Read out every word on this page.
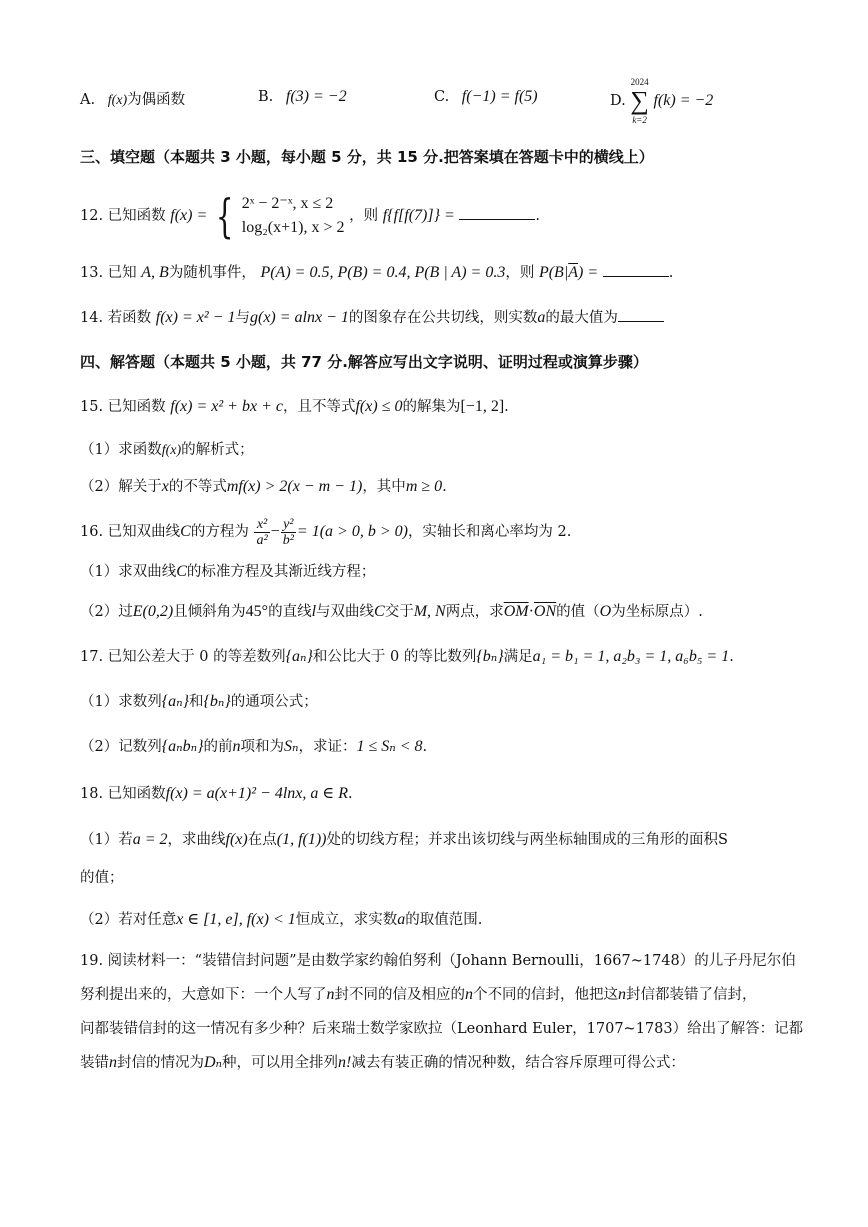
A. f(x)为偶函数	B. f(3) = −2	C. f(−1) = f(5)	D.
2024
∑
k=2
f(k) = −2
三、填空题（本题共 3 小题，每小题 5 分，共 15 分.把答案填在答题卡中的横线上）
12. 已知函数 f(x) = { 2ˣ − 2⁻ˣ, x ≤ 2
log₂(x+1), x > 2
，则 f{f[f(7)]} =	.
13. 已知 A, B为随机事件， P(A) = 0.5, P(B) = 0.4, P(B | A) = 0.3，则 $P(B|\overline{A})$ =	.
14. 若函数 f(x) = x² − 1与g(x) = alnx − 1的图象存在公共切线，则实数a的最大值为
四、解答题（本题共 5 小题，共 77 分.解答应写出文字说明、证明过程或演算步骤）
15. 已知函数 f(x) = x² + bx + c，且不等式f(x) ≤ 0的解集为[−1, 2].
（1）求函数f(x)的解析式；
（2）解关于x的不等式mf(x) > 2(x − m − 1)，其中m ≥ 0.
16. 已知双曲线C的方程为 $\frac{\text{x²}}{\text{a²}} - \frac{\text{y²}}{\text{b²}} = 1(a > 0$, b > 0)，实轴长和离心率均为 2.
（1）求双曲线C的标准方程及其渐近线方程；
（2）过E(0,2)且倾斜角为45°的直线l与双曲线C交于M, N两点，求$\overline{OM}\cdot\overline{ON}$的值（O为坐标原点）.
17. 已知公差大于 0 的等差数列{aₙ}和公比大于 0 的等比数列{bₙ}满足a₁ = b₁ = 1, a₂b₃ = 1, a₆b₅ = 1.
（1）求数列{aₙ}和{bₙ}的通项公式；
（2）记数列{aₙbₙ}的前n项和为Sₙ，求证：1 ≤ Sₙ < 8.
18. 已知函数f(x) = a(x+1)² − 4lnx, a ∈ R.
（1）若a = 2，求曲线f(x)在点(1, f(1))处的切线方程；并求出该切线与两坐标轴围成的三角形的面积S
的值；
（2）若对任意x ∈ [1, e], f(x) < 1恒成立，求实数a的取值范围.
19. 阅读材料一：“装错信封问题”是由数学家约翰伯努利（Johann Bernoulli，1667~1748）的儿子丹尼尔伯
努利提出来的，大意如下：一个人写了n封不同的信及相应的n个不同的信封，他把这n封信都装错了信封，
问都装错信封的这一情况有多少种？后来瑞士数学家欧拉（Leonhard Euler，1707~1783）给出了解答：记都
装错n封信的情况为Dₙ种，可以用全排列n!减去有装正确的情况种数，结合容斥原理可得公式：
